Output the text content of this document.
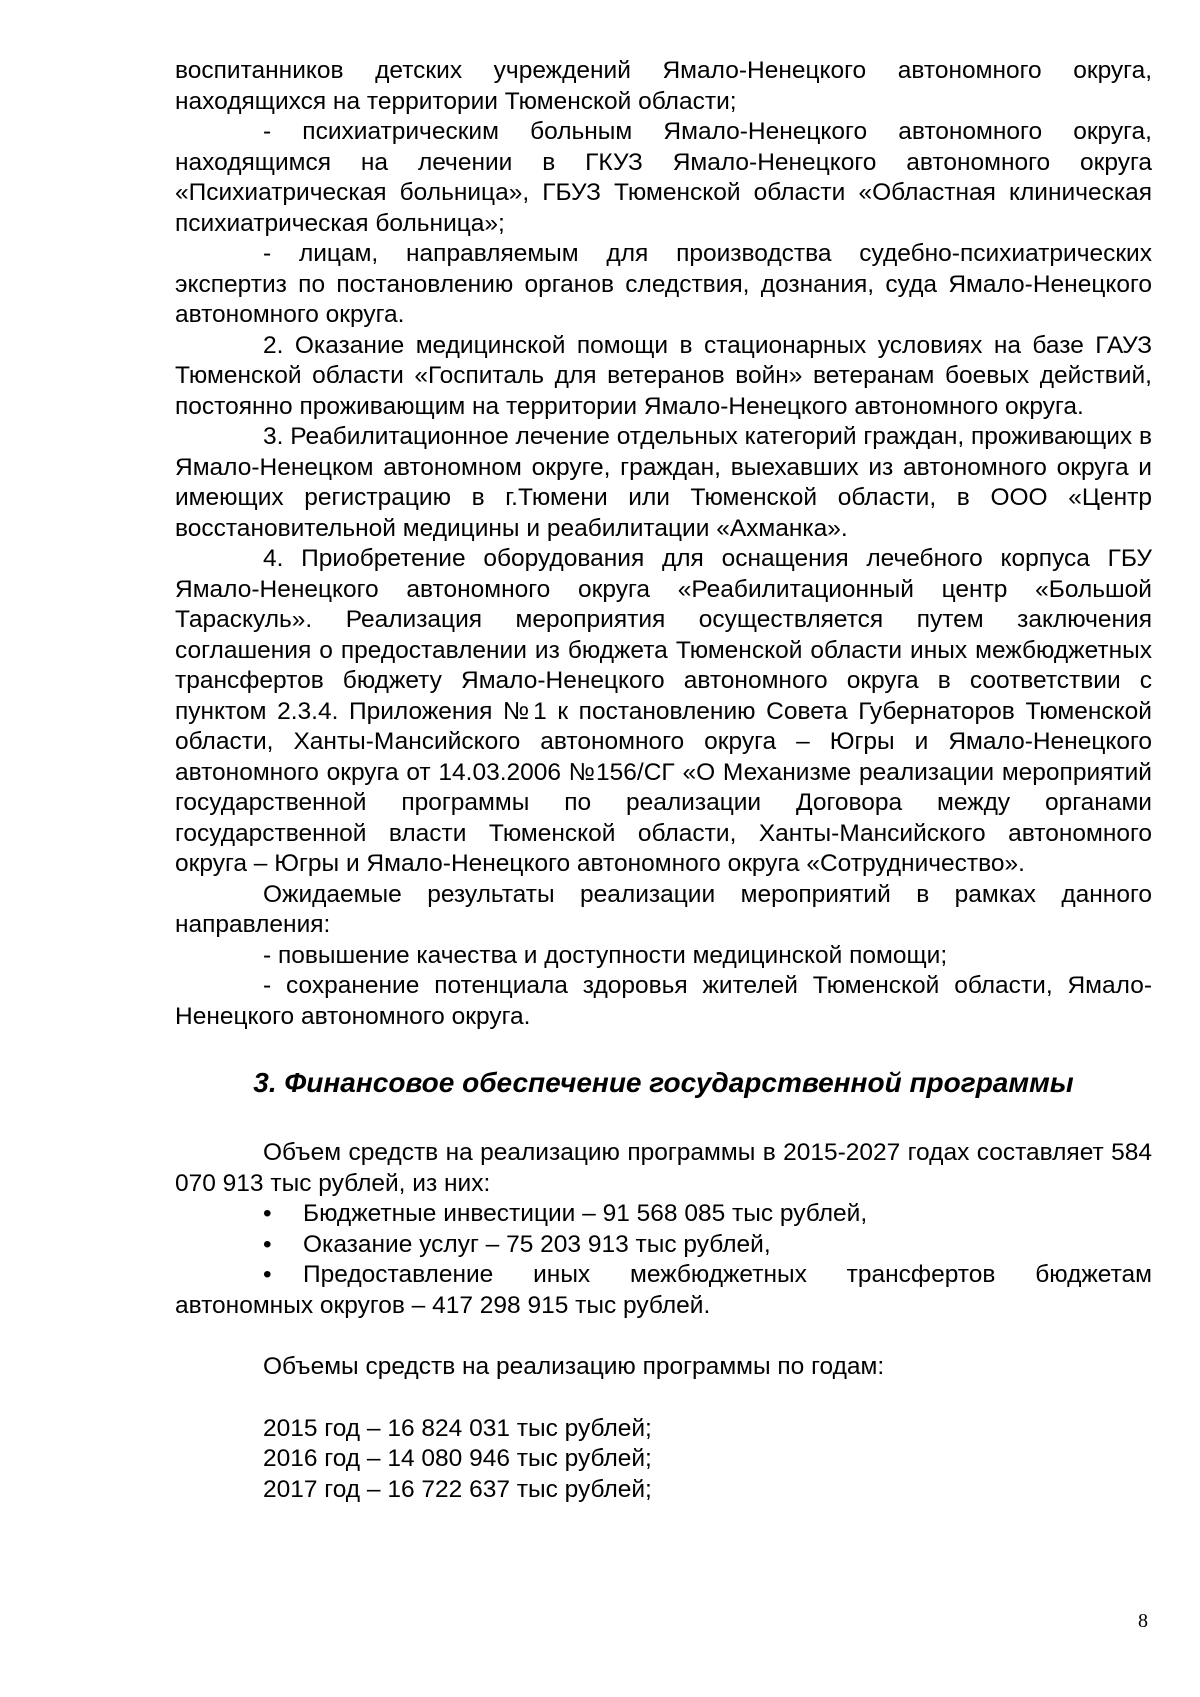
воспитанников детских учреждений Ямало-Ненецкого автономного округа, находящихся на территории Тюменской области;

- психиатрическим больным Ямало-Ненецкого автономного округа, находящимся на лечении в ГКУЗ Ямало-Ненецкого автономного округа «Психиатрическая больница», ГБУЗ Тюменской области «Областная клиническая психиатрическая больница»;

- лицам, направляемым для производства судебно-психиатрических экспертиз по постановлению органов следствия, дознания, суда Ямало-Ненецкого автономного округа.

2. Оказание медицинской помощи в стационарных условиях на базе ГАУЗ Тюменской области «Госпиталь для ветеранов войн» ветеранам боевых действий, постоянно проживающим на территории Ямало-Ненецкого автономного округа.

3. Реабилитационное лечение отдельных категорий граждан, проживающих в Ямало-Ненецком автономном округе, граждан, выехавших из автономного округа и имеющих регистрацию в г.Тюмени или Тюменской области, в ООО «Центр восстановительной медицины и реабилитации «Ахманка».

4. Приобретение оборудования для оснащения лечебного корпуса ГБУ Ямало-Ненецкого автономного округа «Реабилитационный центр «Большой Тараскуль». Реализация мероприятия осуществляется путем заключения соглашения о предоставлении из бюджета Тюменской области иных межбюджетных трансфертов бюджету Ямало-Ненецкого автономного округа в соответствии с пунктом 2.3.4. Приложения №1 к постановлению Совета Губернаторов Тюменской области, Ханты-Мансийского автономного округа – Югры и Ямало-Ненецкого автономного округа от 14.03.2006 №156/СГ «О Механизме реализации мероприятий государственной программы по реализации Договора между органами государственной власти Тюменской области, Ханты-Мансийского автономного округа – Югры и Ямало-Ненецкого автономного округа «Сотрудничество».

Ожидаемые результаты реализации мероприятий в рамках данного направления:

- повышение качества и доступности медицинской помощи;

- сохранение потенциала здоровья жителей Тюменской области, Ямало-Ненецкого автономного округа.

3. Финансовое обеспечение государственной программы

Объем средств на реализацию программы в 2015-2027 годах составляет 584 070 913 тыс рублей, из них:

• Бюджетные инвестиции – 91 568 085 тыс рублей,
• Оказание услуг – 75 203 913 тыс рублей,
• Предоставление иных межбюджетных трансфертов бюджетам автономных округов – 417 298 915 тыс рублей.

Объемы средств на реализацию программы по годам:

2015 год – 16 824 031 тыс рублей;

2016 год – 14 080 946 тыс рублей;

2017 год – 16 722 637 тыс рублей;

8
